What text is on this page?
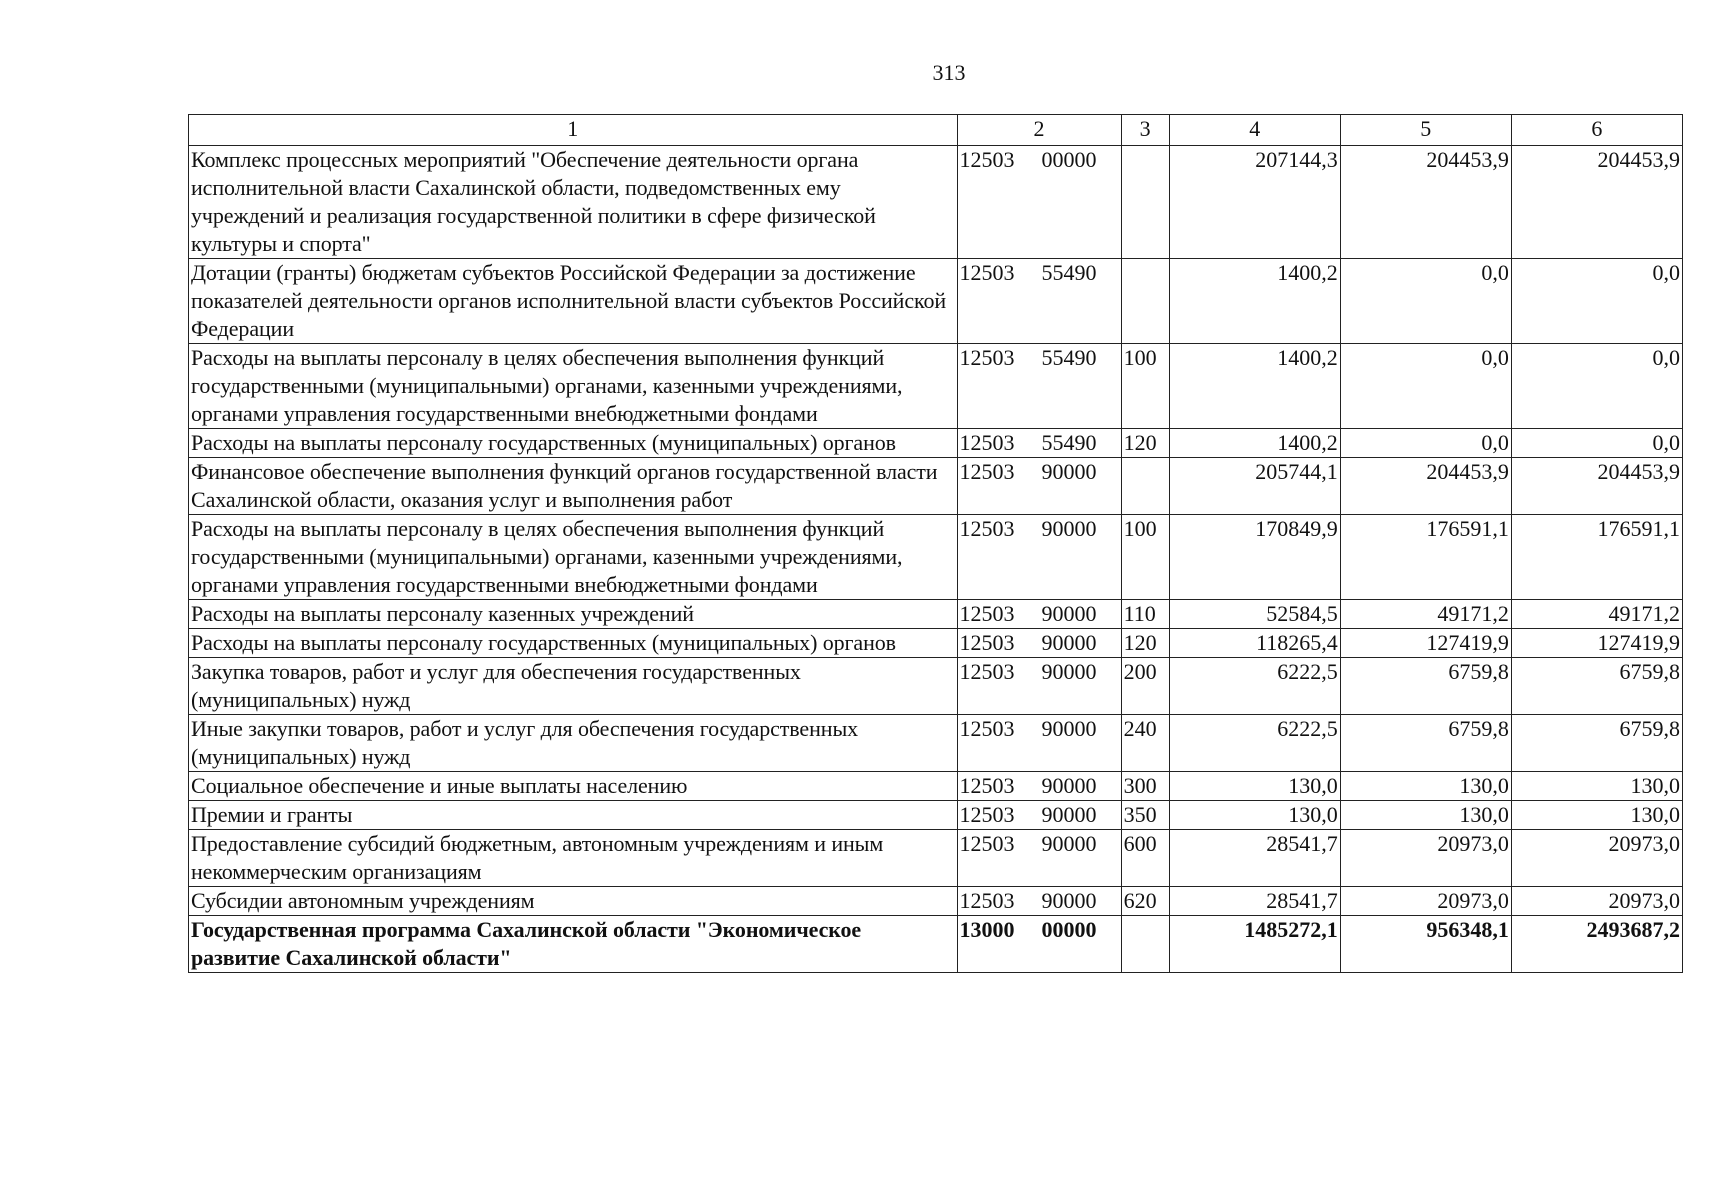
313
1	2	3	4	5	6
Комплекс процессных мероприятий "Обеспечение деятельности органа исполнительной власти Сахалинской области, подведомственных ему учреждений и реализация государственной политики в сфере физической культуры и спорта"	12503 00000		207144,3	204453,9	204453,9
Дотации (гранты) бюджетам субъектов Российской Федерации за достижение показателей деятельности органов исполнительной власти субъектов Российской Федерации	12503 55490		1400,2	0,0	0,0
Расходы на выплаты персоналу в целях обеспечения выполнения функций государственными (муниципальными) органами, казенными учреждениями, органами управления государственными внебюджетными фондами	12503 55490	100	1400,2	0,0	0,0
Расходы на выплаты персоналу государственных (муниципальных) органов	12503 55490	120	1400,2	0,0	0,0
Финансовое обеспечение выполнения функций органов государственной власти Сахалинской области, оказания услуг и выполнения работ	12503 90000		205744,1	204453,9	204453,9
Расходы на выплаты персоналу в целях обеспечения выполнения функций государственными (муниципальными) органами, казенными учреждениями, органами управления государственными внебюджетными фондами	12503 90000	100	170849,9	176591,1	176591,1
Расходы на выплаты персоналу казенных учреждений	12503 90000	110	52584,5	49171,2	49171,2
Расходы на выплаты персоналу государственных (муниципальных) органов	12503 90000	120	118265,4	127419,9	127419,9
Закупка товаров, работ и услуг для обеспечения государственных (муниципальных) нужд	12503 90000	200	6222,5	6759,8	6759,8
Иные закупки товаров, работ и услуг для обеспечения государственных (муниципальных) нужд	12503 90000	240	6222,5	6759,8	6759,8
Социальное обеспечение и иные выплаты населению	12503 90000	300	130,0	130,0	130,0
Премии и гранты	12503 90000	350	130,0	130,0	130,0
Предоставление субсидий бюджетным, автономным учреждениям и иным некоммерческим организациям	12503 90000	600	28541,7	20973,0	20973,0
Субсидии автономным учреждениям	12503 90000	620	28541,7	20973,0	20973,0
Государственная программа Сахалинской области "Экономическое развитие Сахалинской области"	13000 00000		1485272,1	956348,1	2493687,2
